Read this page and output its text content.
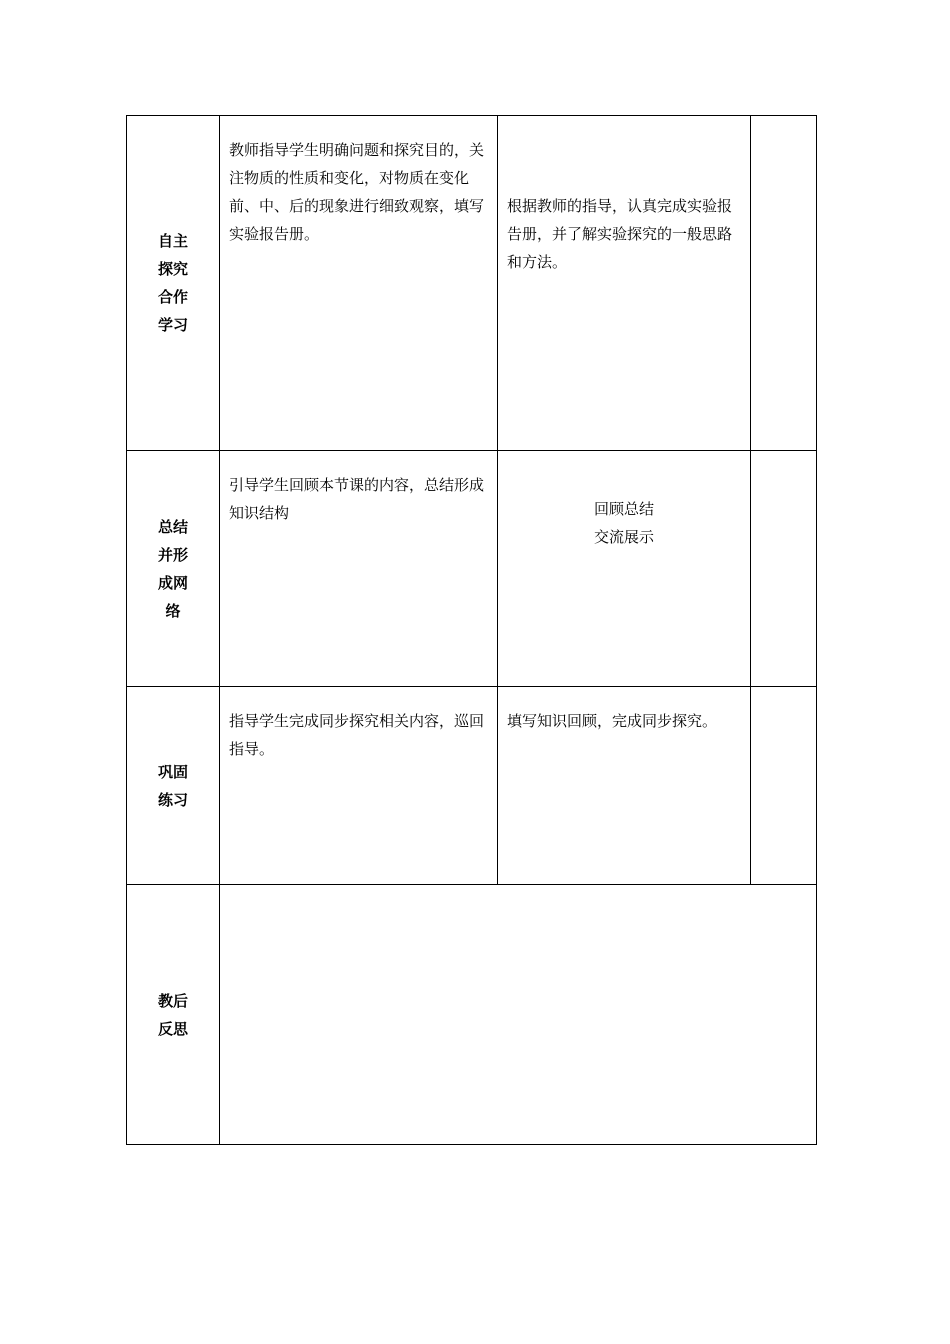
自主
探究
合作
学习	教师指导学生明确问题和探究目的，关注物质的性质和变化，对物质在变化前、中、后的现象进行细致观察，填写实验报告册。	根据教师的指导，认真完成实验报告册，并了解实验探究的一般思路和方法。	

总结
并形
成网
络	引导学生回顾本节课的内容，总结形成知识结构	回顾总结
交流展示	

巩固
练习	指导学生完成同步探究相关内容，巡回指导。	填写知识回顾，完成同步探究。	

教后
反思			
